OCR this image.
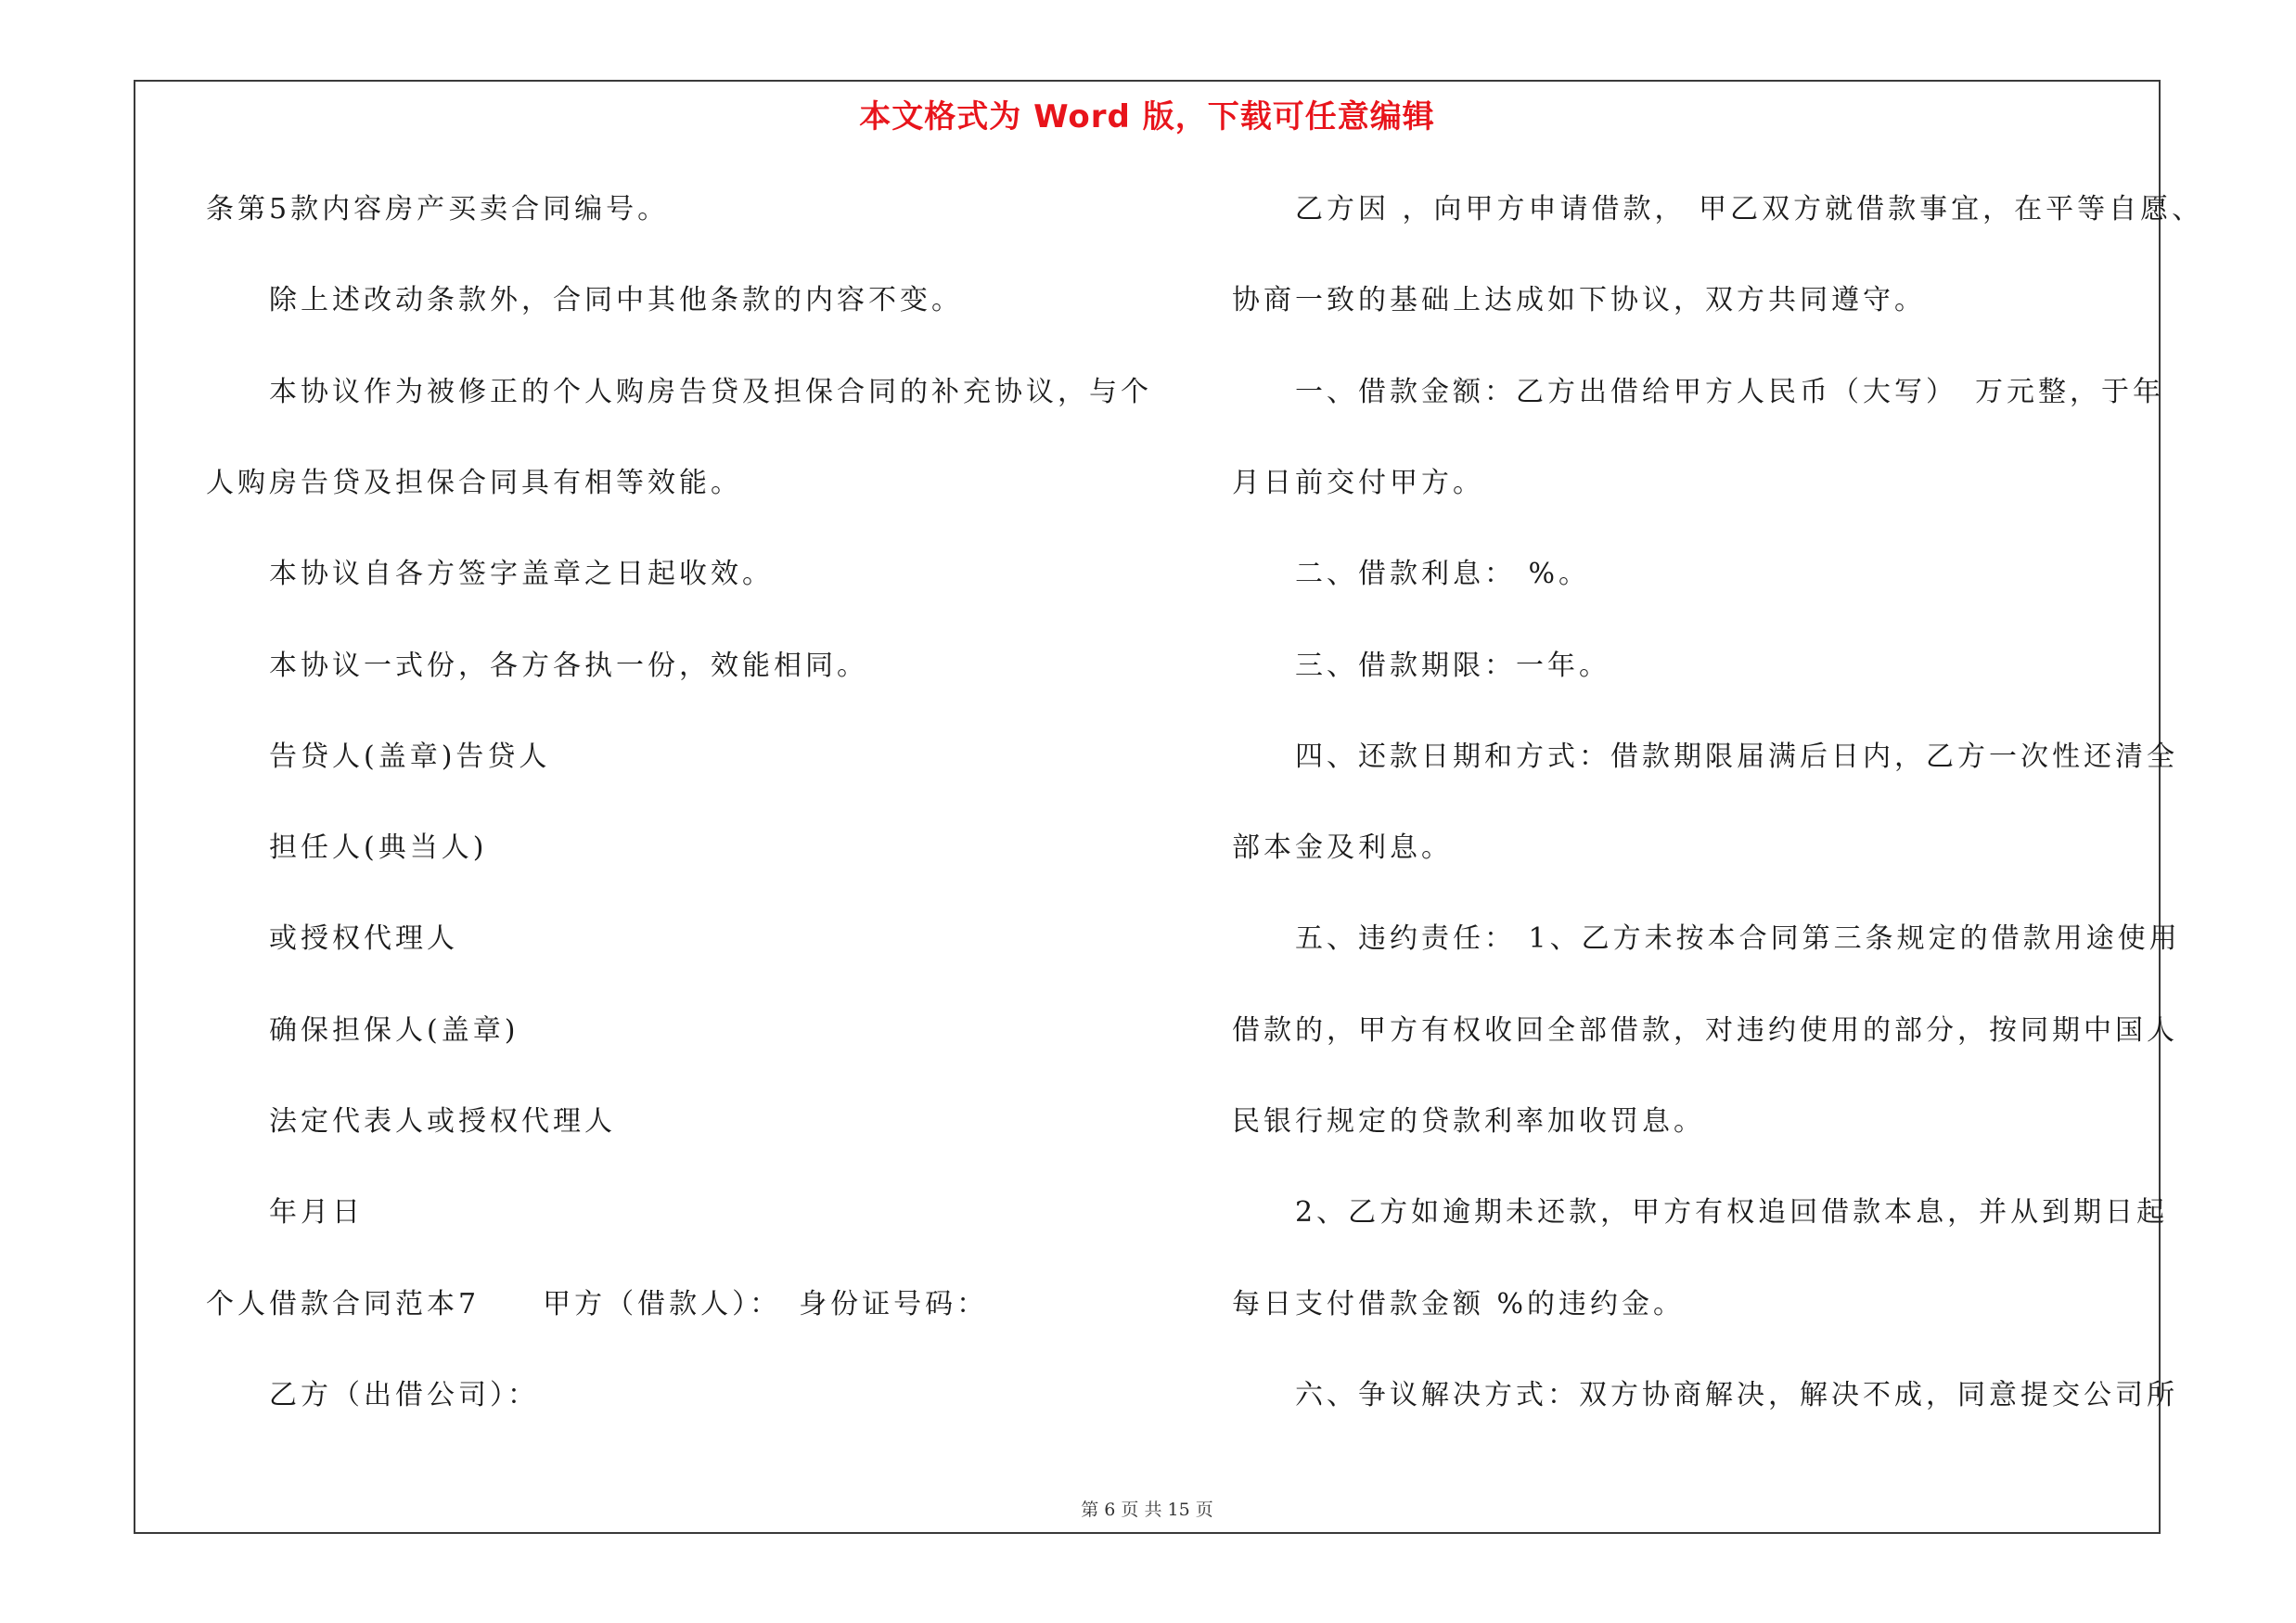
本文格式为 Word 版，下载可任意编辑
条第5款内容房产买卖合同编号。
除上述改动条款外，合同中其他条款的内容不变。
本协议作为被修正的个人购房告贷及担保合同的补充协议，与个
人购房告贷及担保合同具有相等效能。
本协议自各方签字盖章之日起收效。
本协议一式份，各方各执一份，效能相同。
告贷人(盖章)告贷人
担任人(典当人)
或授权代理人
确保担保人(盖章)
法定代表人或授权代理人
年月日
个人借款合同范本7　　甲方（借款人）：　身份证号码：
乙方（出借公司）：
乙方因 ，向甲方申请借款， 甲乙双方就借款事宜，在平等自愿、
协商一致的基础上达成如下协议，双方共同遵守。
一、借款金额：乙方出借给甲方人民币（大写）　万元整，于年
月日前交付甲方。
二、借款利息： %。
三、借款期限：一年。
四、还款日期和方式：借款期限届满后日内，乙方一次性还清全
部本金及利息。
五、违约责任： 1、乙方未按本合同第三条规定的借款用途使用
借款的，甲方有权收回全部借款，对违约使用的部分，按同期中国人
民银行规定的贷款利率加收罚息。
2、乙方如逾期未还款，甲方有权追回借款本息，并从到期日起
每日支付借款金额 %的违约金。
六、争议解决方式：双方协商解决，解决不成，同意提交公司所
第 6 页 共 15 页
